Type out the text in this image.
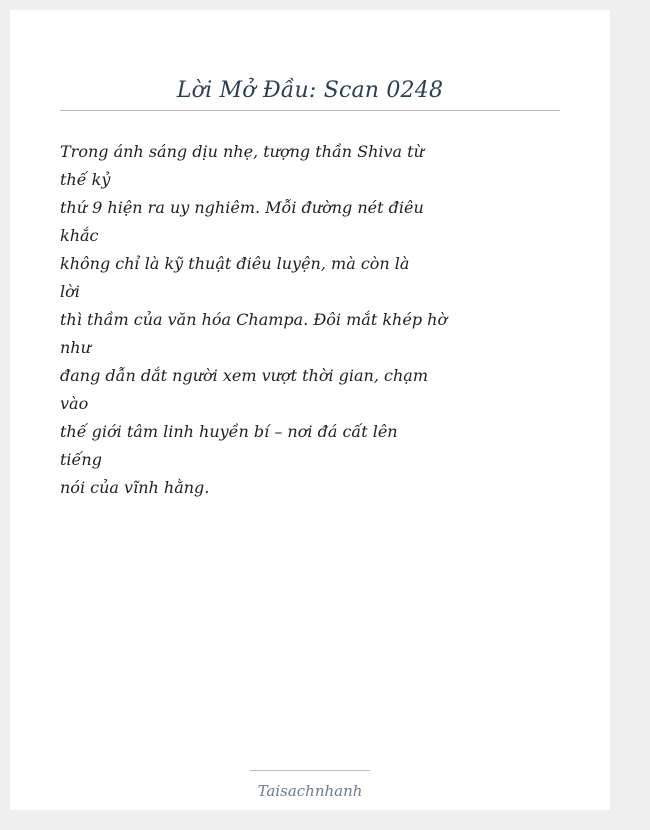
Lời Mở Đầu: Scan 0248
Trong ánh sáng dịu nhẹ, tượng thần Shiva từ
thế kỷ
thứ 9 hiện ra uy nghiêm. Mỗi đường nét điêu
khắc
không chỉ là kỹ thuật điêu luyện, mà còn là
lời
thì thầm của văn hóa Champa. Đôi mắt khép hờ
như
đang dẫn dắt người xem vượt thời gian, chạm
vào
thế giới tâm linh huyền bí – nơi đá cất lên
tiếng
nói của vĩnh hằng.
Taisachnhanh
